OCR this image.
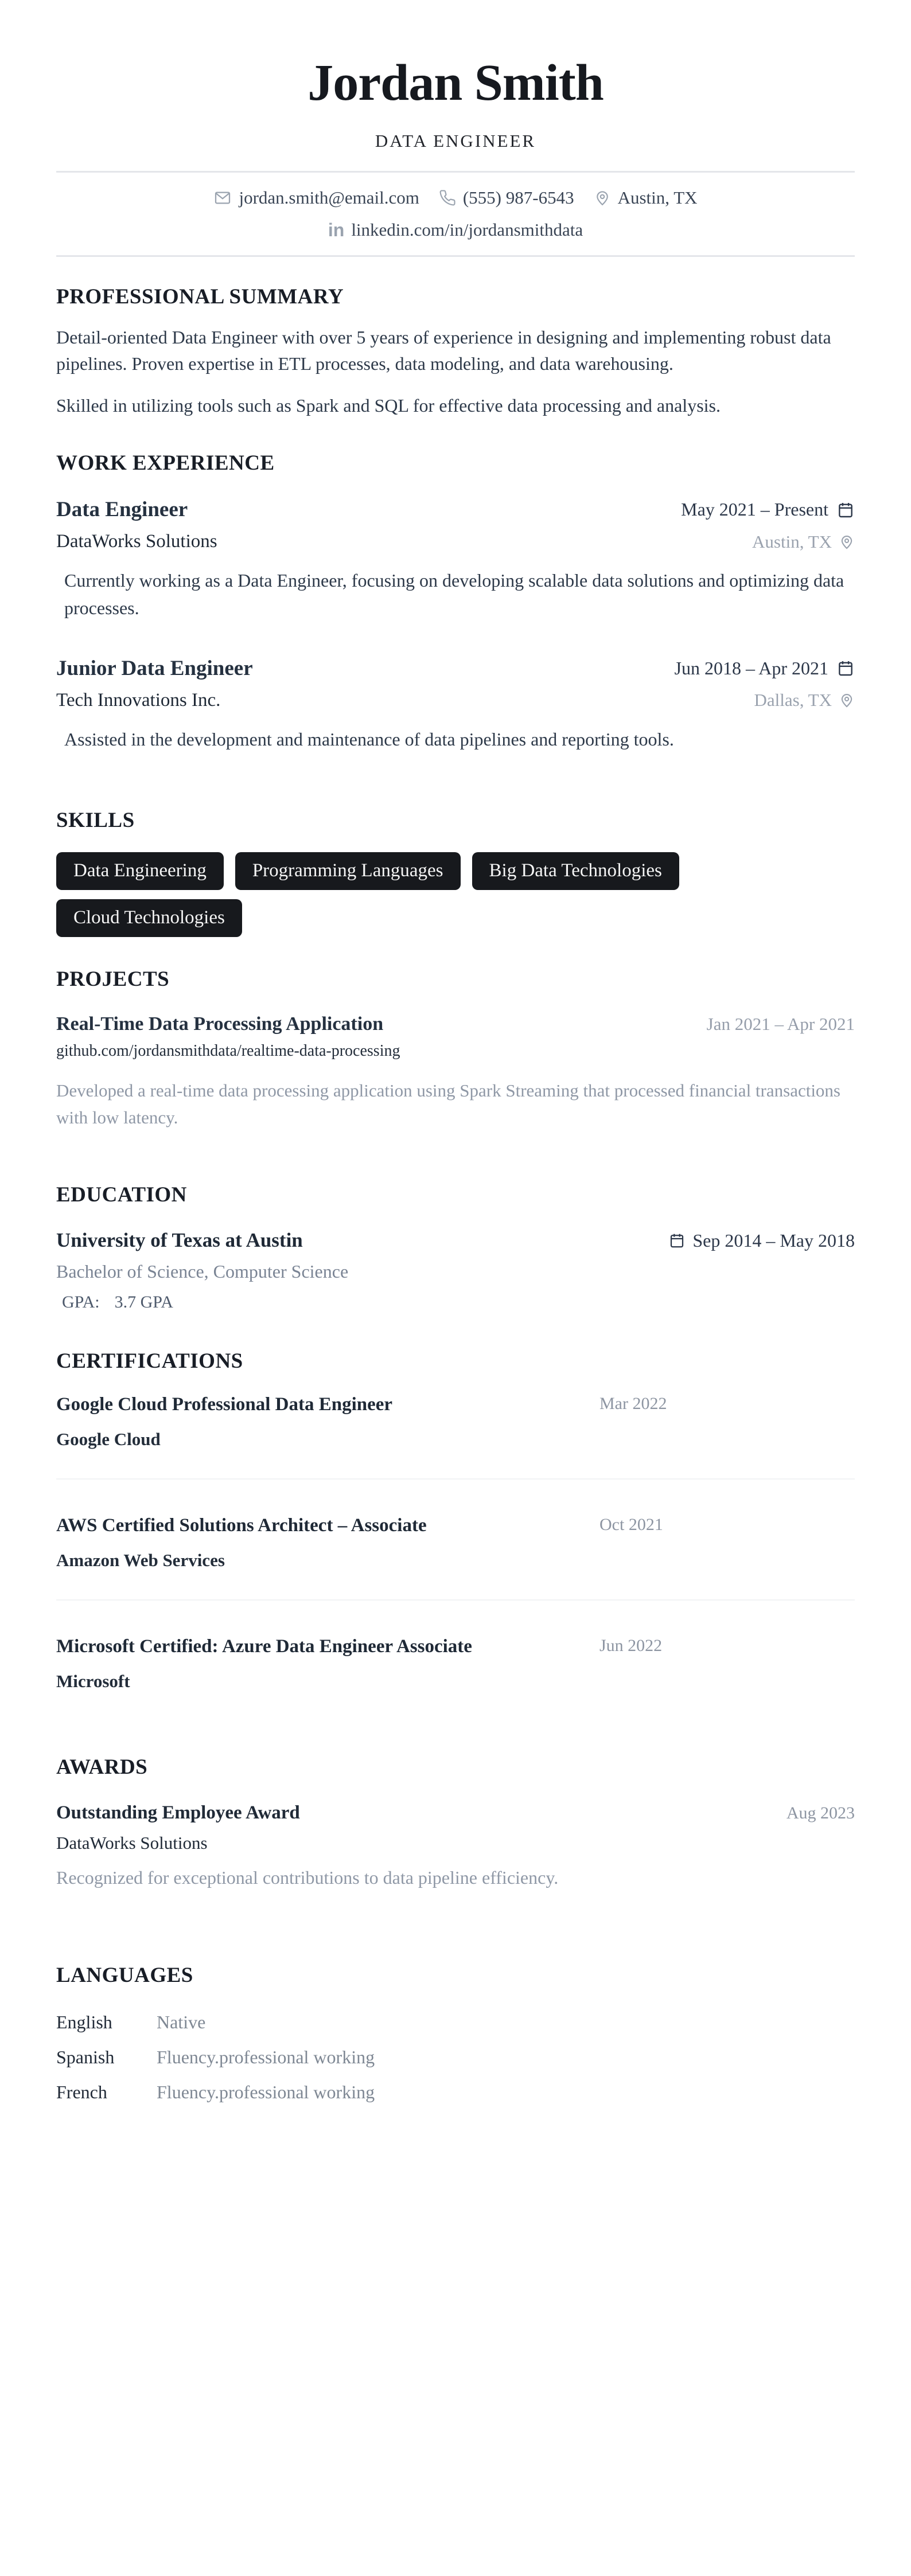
Jordan Smith
DATA ENGINEER
jordan.smith@email.com (555) 987-6543 Austin, TX
in linkedin.com/in/jordansmithdata
PROFESSIONAL SUMMARY

Detail-oriented Data Engineer with over 5 years of experience in designing and implementing robust data pipelines. Proven expertise in ETL processes, data modeling, and data warehousing.

Skilled in utilizing tools such as Spark and SQL for effective data processing and analysis.

WORK EXPERIENCE
Data Engineer	May 2021 – Present
DataWorks Solutions	Austin, TX
Currently working as a Data Engineer, focusing on developing scalable data solutions and optimizing data processes.
Junior Data Engineer	Jun 2018 – Apr 2021
Tech Innovations Inc.	Dallas, TX
Assisted in the development and maintenance of data pipelines and reporting tools.
SKILLS
Data Engineering	Programming Languages	Big Data Technologies
Cloud Technologies
PROJECTS
Real-Time Data Processing Application	Jan 2021 – Apr 2021
github.com/jordansmithdata/realtime-data-processing
Developed a real-time data processing application using Spark Streaming that processed financial transactions with low latency.
EDUCATION
University of Texas at Austin	Sep 2014 – May 2018
Bachelor of Science, Computer Science
GPA: 3.7 GPA
CERTIFICATIONS
Google Cloud Professional Data Engineer	Mar 2022
Google Cloud
AWS Certified Solutions Architect – Associate	Oct 2021
Amazon Web Services
Microsoft Certified: Azure Data Engineer Associate	Jun 2022
Microsoft
AWARDS
Outstanding Employee Award	Aug 2023
DataWorks Solutions
Recognized for exceptional contributions to data pipeline efficiency.
LANGUAGES
English	Native
Spanish	Fluency.professional working
French	Fluency.professional working
